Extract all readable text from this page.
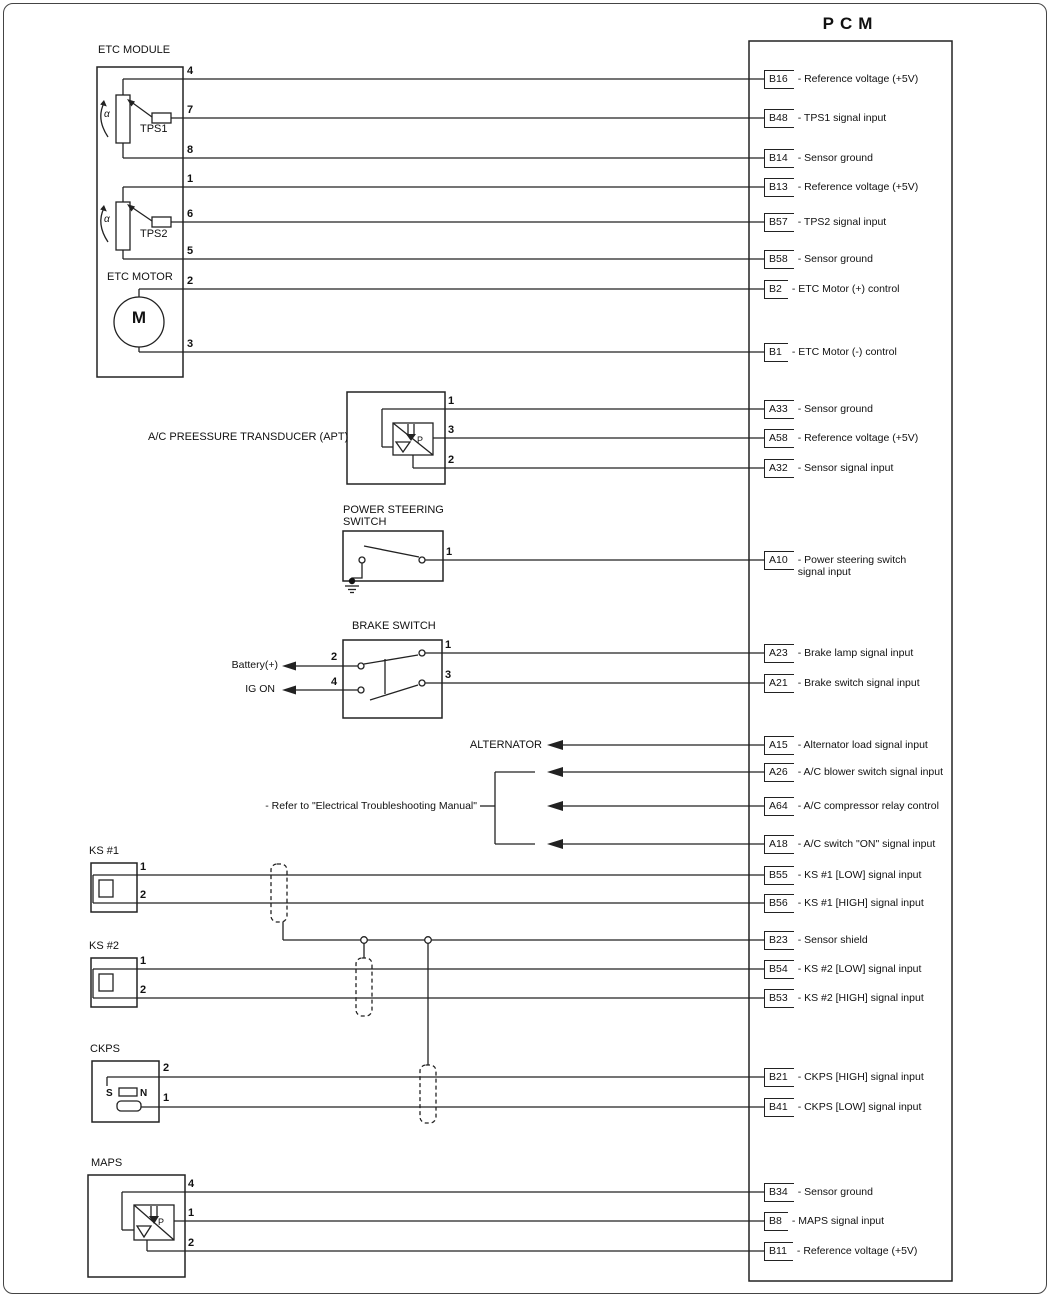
PCM
ETC MODULE
TPS1
TPS2
α
α
ETC MOTOR
M
A/C PREESSURE TRANSDUCER (APT)	P
POWER STEERING
SWITCH
BRAKE SWITCH
Battery(+)
IG ON
ALTERNATOR
- Refer to "Electrical Troubleshooting Manual"
KS #1
KS #2
CKPS
S	N
MAPS
P
4
7
8
1
6
5
2
3
1
3
2
1
2
4
1
3
1
2
1
2
2
1
4
1
2
B16 - Reference voltage (+5V)
B48 - TPS1 signal input
B14 - Sensor ground
B13 - Reference voltage (+5V)
B57 - TPS2 signal input
B58 - Sensor ground
B2 - ETC Motor (+) control
B1 - ETC Motor (-) control
A33 - Sensor ground
A58 - Reference voltage (+5V)
A32 - Sensor signal input
A10 - Power steering switch signal input
A23 - Brake lamp signal input
A21 - Brake switch signal input
A15 - Alternator load signal input
A26 - A/C blower switch signal input
A64 - A/C compressor relay control
A18 - A/C switch "ON" signal input
B55 - KS #1 [LOW] signal input
B56 - KS #1 [HIGH] signal input
B23 - Sensor shield
B54 - KS #2 [LOW] signal input
B53 - KS #2 [HIGH] signal input
B21 - CKPS [HIGH] signal input
B41 - CKPS [LOW] signal input
B34 - Sensor ground
B8 - MAPS signal input
B11 - Reference voltage (+5V)
